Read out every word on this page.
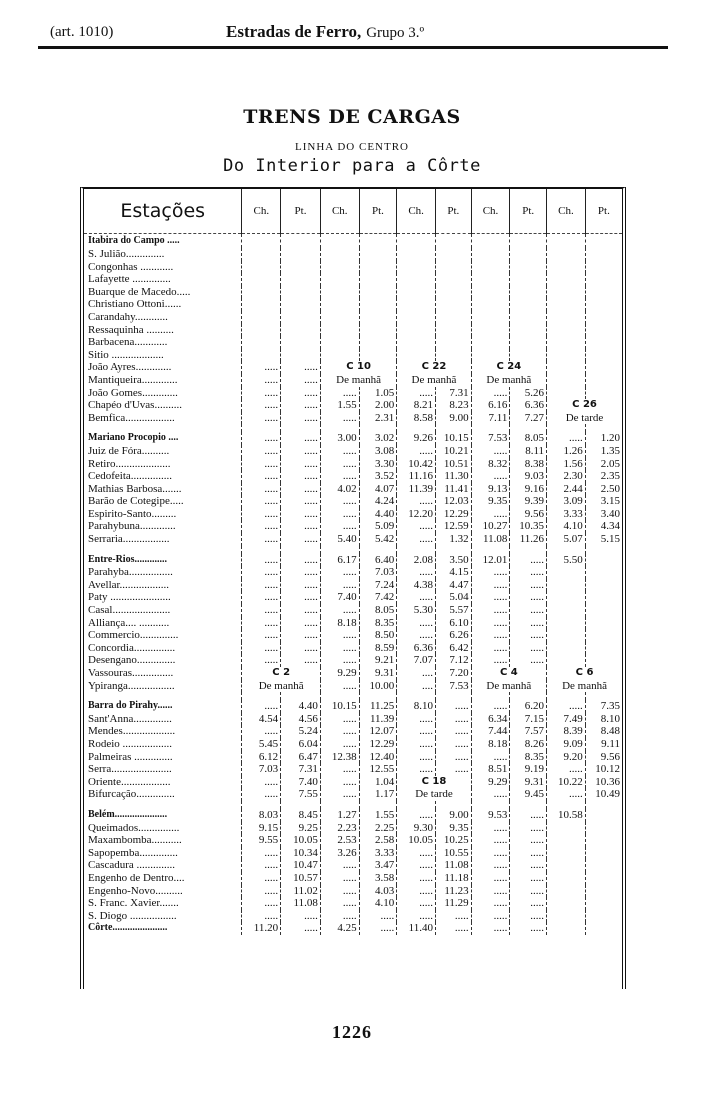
(art. 1010)	Estradas de Ferro, Grupo 3.º
TRENS DE CARGAS
LINHA DO CENTRO
Do Interior para a Côrte
Estações	Ch.	Pt.	Ch.	Pt.	Ch.	Pt.	Ch.	Pt.	Ch.	Pt.
Itabira do Campo .....										
S. Julião..............										
Congonhas ............										
Lafayette ..............										
Buarque de Macedo.....										
Christiano Ottoni......										
Carandahy............										
Ressaquinha ..........										
Barbacena............										
Sitio ...................										
João Ayres.............	.....	.....	C 10		C 22		C 24			
Mantiqueira.............	.....	.....	De manhã		De manhã		De manhã			
João Gomes.............	.....	.....	.....	1.05	.....	7.31	.....	5.26		
Chapéo d'Uvas..........	.....	.....	1.55	2.00	8.21	8.23	6.16	6.36	C 26	
Bemfica..................	.....	.....	.....	2.31	8.58	9.00	7.11	7.27	De tarde	

Mariano Procopio ....	.....	.....	3.00	3.02	9.26	10.15	7.53	8.05	.....	1.20
Juiz de Fóra..........	.....	.....	.....	3.08	.....	10.21	.....	8.11	1.26	1.35
Retiro....................	.....	.....	.....	3.30	10.42	10.51	8.32	8.38	1.56	2.05
Cedofeita...............	.....	.....	.....	3.52	11.16	11.30	.....	9.03	2.30	2.35
Mathias Barbosa.......	.....	.....	4.02	4.07	11.39	11.41	9.13	9.16	2.44	2.50
Barão de Cotegipe.....	.....	.....	.....	4.24	.....	12.03	9.35	9.39	3.09	3.15
Espirito-Santo.........	.....	.....	.....	4.40	12.20	12.29	.....	9.56	3.33	3.40
Parahybuna.............	.....	.....	.....	5.09	.....	12.59	10.27	10.35	4.10	4.34
Serraria.................	.....	.....	5.40	5.42	.....	1.32	11.08	11.26	5.07	5.15

Entre-Rios.............	.....	.....	6.17	6.40	2.08	3.50	12.01	.....	5.50	
Parahyba................	.....	.....	.....	7.03	.....	4.15	.....	.....		
Avellar..................	.....	.....	.....	7.24	4.38	4.47	.....	.....		
Paty ......................	.....	.....	7.40	7.42	.....	5.04	.....	.....		
Casal.....................	.....	.....	.....	8.05	5.30	5.57	.....	.....		
Alliança.... ...........	.....	.....	8.18	8.35	.....	6.10	.....	.....		
Commercio..............	.....	.....	.....	8.50	.....	6.26	.....	.....		
Concordia...............	.....	.....	.....	8.59	6.36	6.42	.....	.....		
Desengano..............	.....	.....	.....	9.21	7.07	7.12	.....	.....		
Vassouras...............	C 2		9.29	9.31	....	7.20	C 4		C 6	
Ypiranga.................	De manhã		.....	10.00	....	7.53	De manhã		De manhã	

Barra do Pirahy......	.....	4.40	10.15	11.25	8.10	.....	.....	6.20	.....	7.35
Sant'Anna..............	4.54	4.56	.....	11.39	.....	.....	6.34	7.15	7.49	8.10
Mendes...................	.....	5.24	.....	12.07	.....	.....	7.44	7.57	8.39	8.48
Rodeio ..................	5.45	6.04	.....	12.29	.....	.....	8.18	8.26	9.09	9.11
Palmeiras ..............	6.12	6.47	12.38	12.40	.....	.....	.....	8.35	9.20	9.56
Serra......................	7.03	7.31	.....	12.55	.....	.....	8.51	9.19	.....	10.12
Oriente..................	.....	7.40	.....	1.04	C 18		9.29	9.31	10.22	10.36
Bifurcação..............	.....	7.55	.....	1.17	De tarde		.....	9.45	.....	10.49

Belém.....................	8.03	8.45	1.27	1.55	.....	9.00	9.53	.....	10.58	
Queimados...............	9.15	9.25	2.23	2.25	9.30	9.35	.....	.....		
Maxambomba...........	9.55	10.05	2.53	2.58	10.05	10.25	.....	.....		
Sapopemba..............	.....	10.34	3.26	3.33	.....	10.55	.....	.....		
Cascadura ..............	.....	10.47	.....	3.47	.....	11.08	.....	.....		
Engenho de Dentro....	.....	10.57	.....	3.58	.....	11.18	.....	.....		
Engenho-Novo..........	.....	11.02	.....	4.03	.....	11.23	.....	.....		
S. Franc. Xavier.......	.....	11.08	.....	4.10	.....	11.29	.....	.....		
S. Diogo .................	.....	.....	.....	.....	.....	.....	.....	.....		
Côrte......................	11.20	.....	4.25	.....	11.40	.....	.....	.....		
1226
